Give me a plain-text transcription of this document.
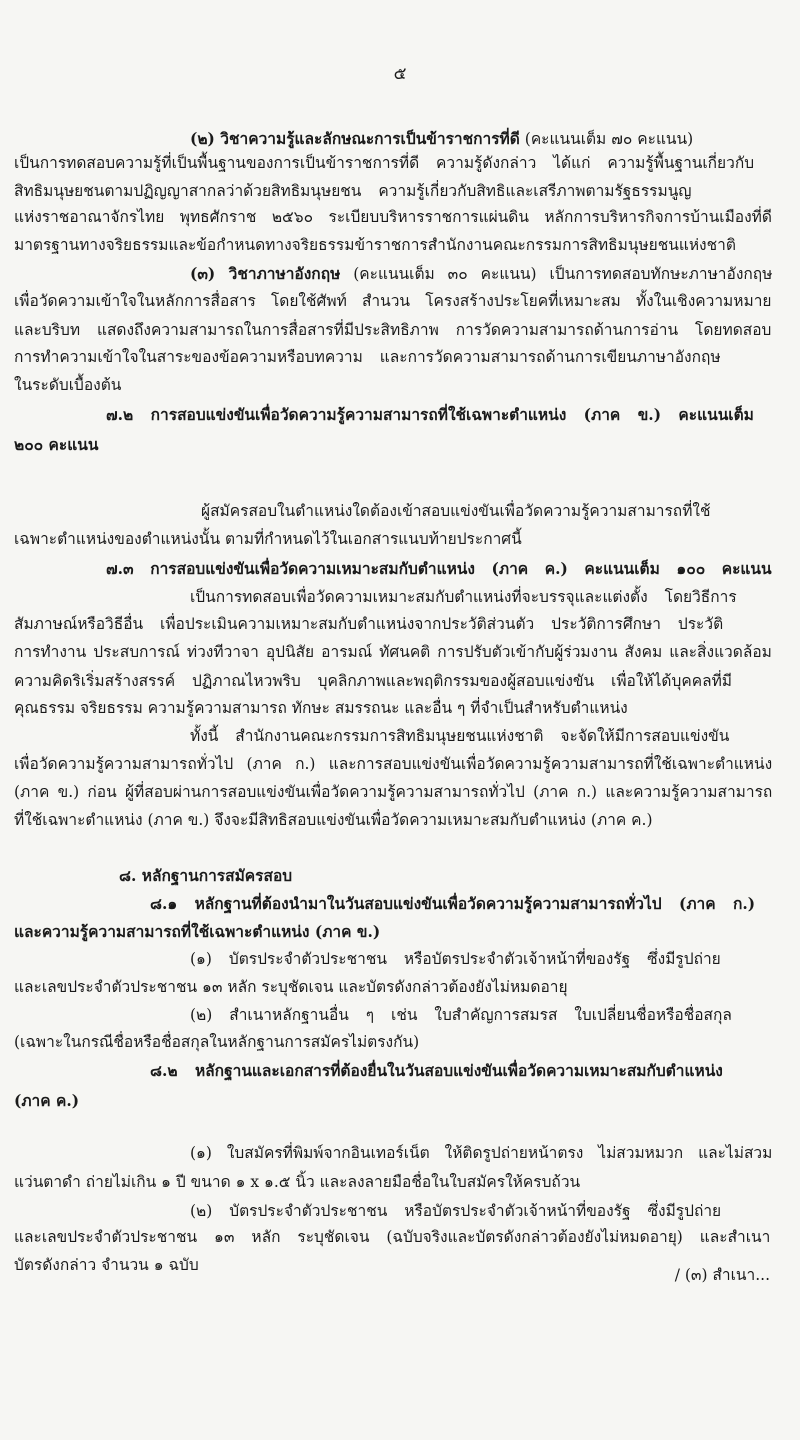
๕
(๒) วิชาความรู้และลักษณะการเป็นข้าราชการที่ดี (คะแนนเต็ม ๗๐ คะแนน)
เป็นการทดสอบความรู้ที่เป็นพื้นฐานของการเป็นข้าราชการที่ดี ความรู้ดังกล่าว ได้แก่ ความรู้พื้นฐานเกี่ยวกับ
สิทธิมนุษยชนตามปฏิญญาสากลว่าด้วยสิทธิมนุษยชน ความรู้เกี่ยวกับสิทธิและเสรีภาพตามรัฐธรรมนูญ
แห่งราชอาณาจักรไทย พุทธศักราช ๒๕๖๐ ระเบียบบริหารราชการแผ่นดิน หลักการบริหารกิจการบ้านเมืองที่ดี
มาตรฐานทางจริยธรรมและข้อกำหนดทางจริยธรรมข้าราชการสำนักงานคณะกรรมการสิทธิมนุษยชนแห่งชาติ
(๓) วิชาภาษาอังกฤษ (คะแนนเต็ม ๓๐ คะแนน) เป็นการทดสอบทักษะภาษาอังกฤษ
เพื่อวัดความเข้าใจในหลักการสื่อสาร โดยใช้ศัพท์ สำนวน โครงสร้างประโยคที่เหมาะสม ทั้งในเชิงความหมาย
และบริบท แสดงถึงความสามารถในการสื่อสารที่มีประสิทธิภาพ การวัดความสามารถด้านการอ่าน โดยทดสอบ
การทำความเข้าใจในสาระของข้อความหรือบทความ และการวัดความสามารถด้านการเขียนภาษาอังกฤษ
ในระดับเบื้องต้น
๗.๒ การสอบแข่งขันเพื่อวัดความรู้ความสามารถที่ใช้เฉพาะตำแหน่ง (ภาค ข.) คะแนนเต็ม
๒๐๐ คะแนน
ผู้สมัครสอบในตำแหน่งใดต้องเข้าสอบแข่งขันเพื่อวัดความรู้ความสามารถที่ใช้
เฉพาะตำแหน่งของตำแหน่งนั้น ตามที่กำหนดไว้ในเอกสารแนบท้ายประกาศนี้
๗.๓ การสอบแข่งขันเพื่อวัดความเหมาะสมกับตำแหน่ง (ภาค ค.) คะแนนเต็ม ๑๐๐ คะแนน
เป็นการทดสอบเพื่อวัดความเหมาะสมกับตำแหน่งที่จะบรรจุและแต่งตั้ง โดยวิธีการ
สัมภาษณ์หรือวิธีอื่น เพื่อประเมินความเหมาะสมกับตำแหน่งจากประวัติส่วนตัว ประวัติการศึกษา ประวัติ
การทำงาน ประสบการณ์ ท่วงทีวาจา อุปนิสัย อารมณ์ ทัศนคติ การปรับตัวเข้ากับผู้ร่วมงาน สังคม และสิ่งแวดล้อม
ความคิดริเริ่มสร้างสรรค์ ปฏิภาณไหวพริบ บุคลิกภาพและพฤติกรรมของผู้สอบแข่งขัน เพื่อให้ได้บุคคลที่มี
คุณธรรม จริยธรรม ความรู้ความสามารถ ทักษะ สมรรถนะ และอื่น ๆ ที่จำเป็นสำหรับตำแหน่ง
ทั้งนี้ สำนักงานคณะกรรมการสิทธิมนุษยชนแห่งชาติ จะจัดให้มีการสอบแข่งขัน
เพื่อวัดความรู้ความสามารถทั่วไป (ภาค ก.) และการสอบแข่งขันเพื่อวัดความรู้ความสามารถที่ใช้เฉพาะตำแหน่ง
(ภาค ข.) ก่อน ผู้ที่สอบผ่านการสอบแข่งขันเพื่อวัดความรู้ความสามารถทั่วไป (ภาค ก.) และความรู้ความสามารถ
ที่ใช้เฉพาะตำแหน่ง (ภาค ข.) จึงจะมีสิทธิสอบแข่งขันเพื่อวัดความเหมาะสมกับตำแหน่ง (ภาค ค.)
๘. หลักฐานการสมัครสอบ
๘.๑ หลักฐานที่ต้องนำมาในวันสอบแข่งขันเพื่อวัดความรู้ความสามารถทั่วไป (ภาค ก.)
และความรู้ความสามารถที่ใช้เฉพาะตำแหน่ง (ภาค ข.)
(๑) บัตรประจำตัวประชาชน หรือบัตรประจำตัวเจ้าหน้าที่ของรัฐ ซึ่งมีรูปถ่าย
และเลขประจำตัวประชาชน ๑๓ หลัก ระบุชัดเจน และบัตรดังกล่าวต้องยังไม่หมดอายุ
(๒) สำเนาหลักฐานอื่น ๆ เช่น ใบสำคัญการสมรส ใบเปลี่ยนชื่อหรือชื่อสกุล
(เฉพาะในกรณีชื่อหรือชื่อสกุลในหลักฐานการสมัครไม่ตรงกัน)
๘.๒ หลักฐานและเอกสารที่ต้องยื่นในวันสอบแข่งขันเพื่อวัดความเหมาะสมกับตำแหน่ง
(ภาค ค.)
(๑) ใบสมัครที่พิมพ์จากอินเทอร์เน็ต ให้ติดรูปถ่ายหน้าตรง ไม่สวมหมวก และไม่สวม
แว่นตาดำ ถ่ายไม่เกิน ๑ ปี ขนาด ๑ x ๑.๕ นิ้ว และลงลายมือชื่อในใบสมัครให้ครบถ้วน
(๒) บัตรประจำตัวประชาชน หรือบัตรประจำตัวเจ้าหน้าที่ของรัฐ ซึ่งมีรูปถ่าย
และเลขประจำตัวประชาชน ๑๓ หลัก ระบุชัดเจน (ฉบับจริงและบัตรดังกล่าวต้องยังไม่หมดอายุ) และสำเนา
บัตรดังกล่าว จำนวน ๑ ฉบับ
/ (๓) สำเนา...
